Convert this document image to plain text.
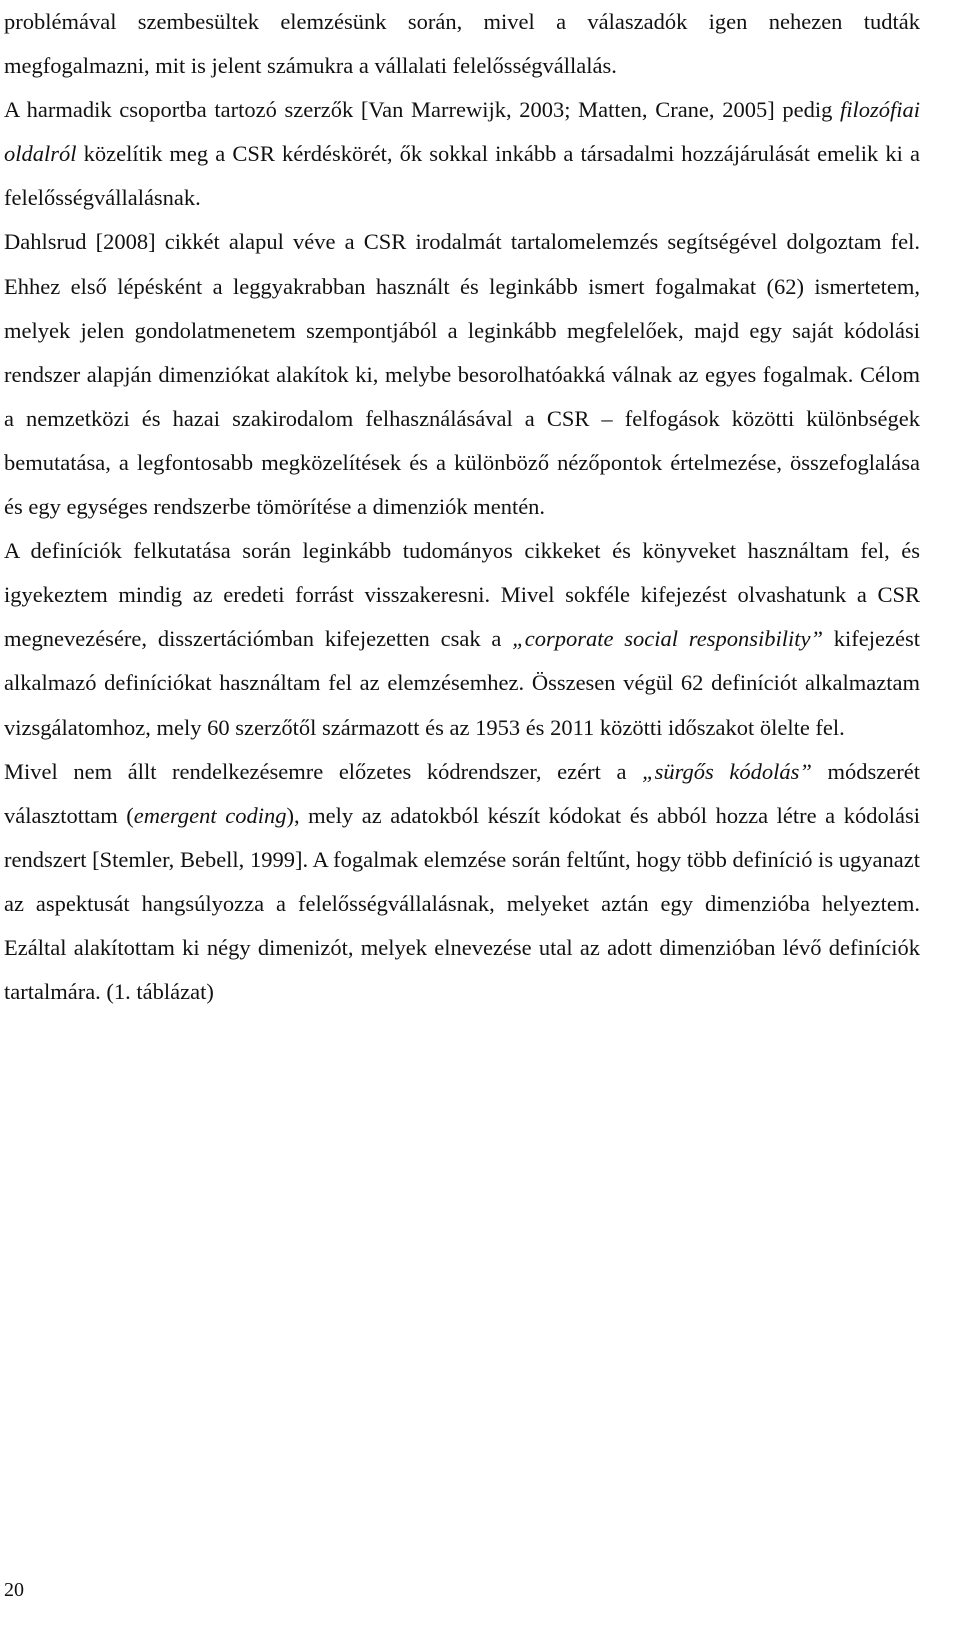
problémával szembesültek elemzésünk során, mivel a válaszadók igen nehezen tudták megfogalmazni, mit is jelent számukra a vállalati felelősségvállalás.

A harmadik csoportba tartozó szerzők [Van Marrewijk, 2003; Matten, Crane, 2005] pedig filozófiai oldalról közelítik meg a CSR kérdéskörét, ők sokkal inkább a társadalmi hozzájárulását emelik ki a felelősségvállalásnak.

Dahlsrud [2008] cikkét alapul véve a CSR irodalmát tartalomelemzés segítségével dolgoztam fel. Ehhez első lépésként a leggyakrabban használt és leginkább ismert fogalmakat (62) ismertetem, melyek jelen gondolatmenetem szempontjából a leginkább megfelelőek, majd egy saját kódolási rendszer alapján dimenziókat alakítok ki, melybe besorolhatóakká válnak az egyes fogalmak. Célom a nemzetközi és hazai szakirodalom felhasználásával a CSR – felfogások közötti különbségek bemutatása, a legfontosabb megközelítések és a különböző nézőpontok értelmezése, összefoglalása és egy egységes rendszerbe tömörítése a dimenziók mentén.

A definíciók felkutatása során leginkább tudományos cikkeket és könyveket használtam fel, és igyekeztem mindig az eredeti forrást visszakeresni. Mivel sokféle kifejezést olvashatunk a CSR megnevezésére, disszertációmban kifejezetten csak a „corporate social responsibility” kifejezést alkalmazó definíciókat használtam fel az elemzésemhez. Összesen végül 62 definíciót alkalmaztam vizsgálatomhoz, mely 60 szerzőtől származott és az 1953 és 2011 közötti időszakot ölelte fel.

Mivel nem állt rendelkezésemre előzetes kódrendszer, ezért a „sürgős kódolás” módszerét választottam (emergent coding), mely az adatokból készít kódokat és abból hozza létre a kódolási rendszert [Stemler, Bebell, 1999]. A fogalmak elemzése során feltűnt, hogy több definíció is ugyanazt az aspektusát hangsúlyozza a felelősségvállalásnak, melyeket aztán egy dimenzióba helyeztem. Ezáltal alakítottam ki négy dimenizót, melyek elnevezése utal az adott dimenzióban lévő definíciók tartalmára. (1. táblázat)

20
